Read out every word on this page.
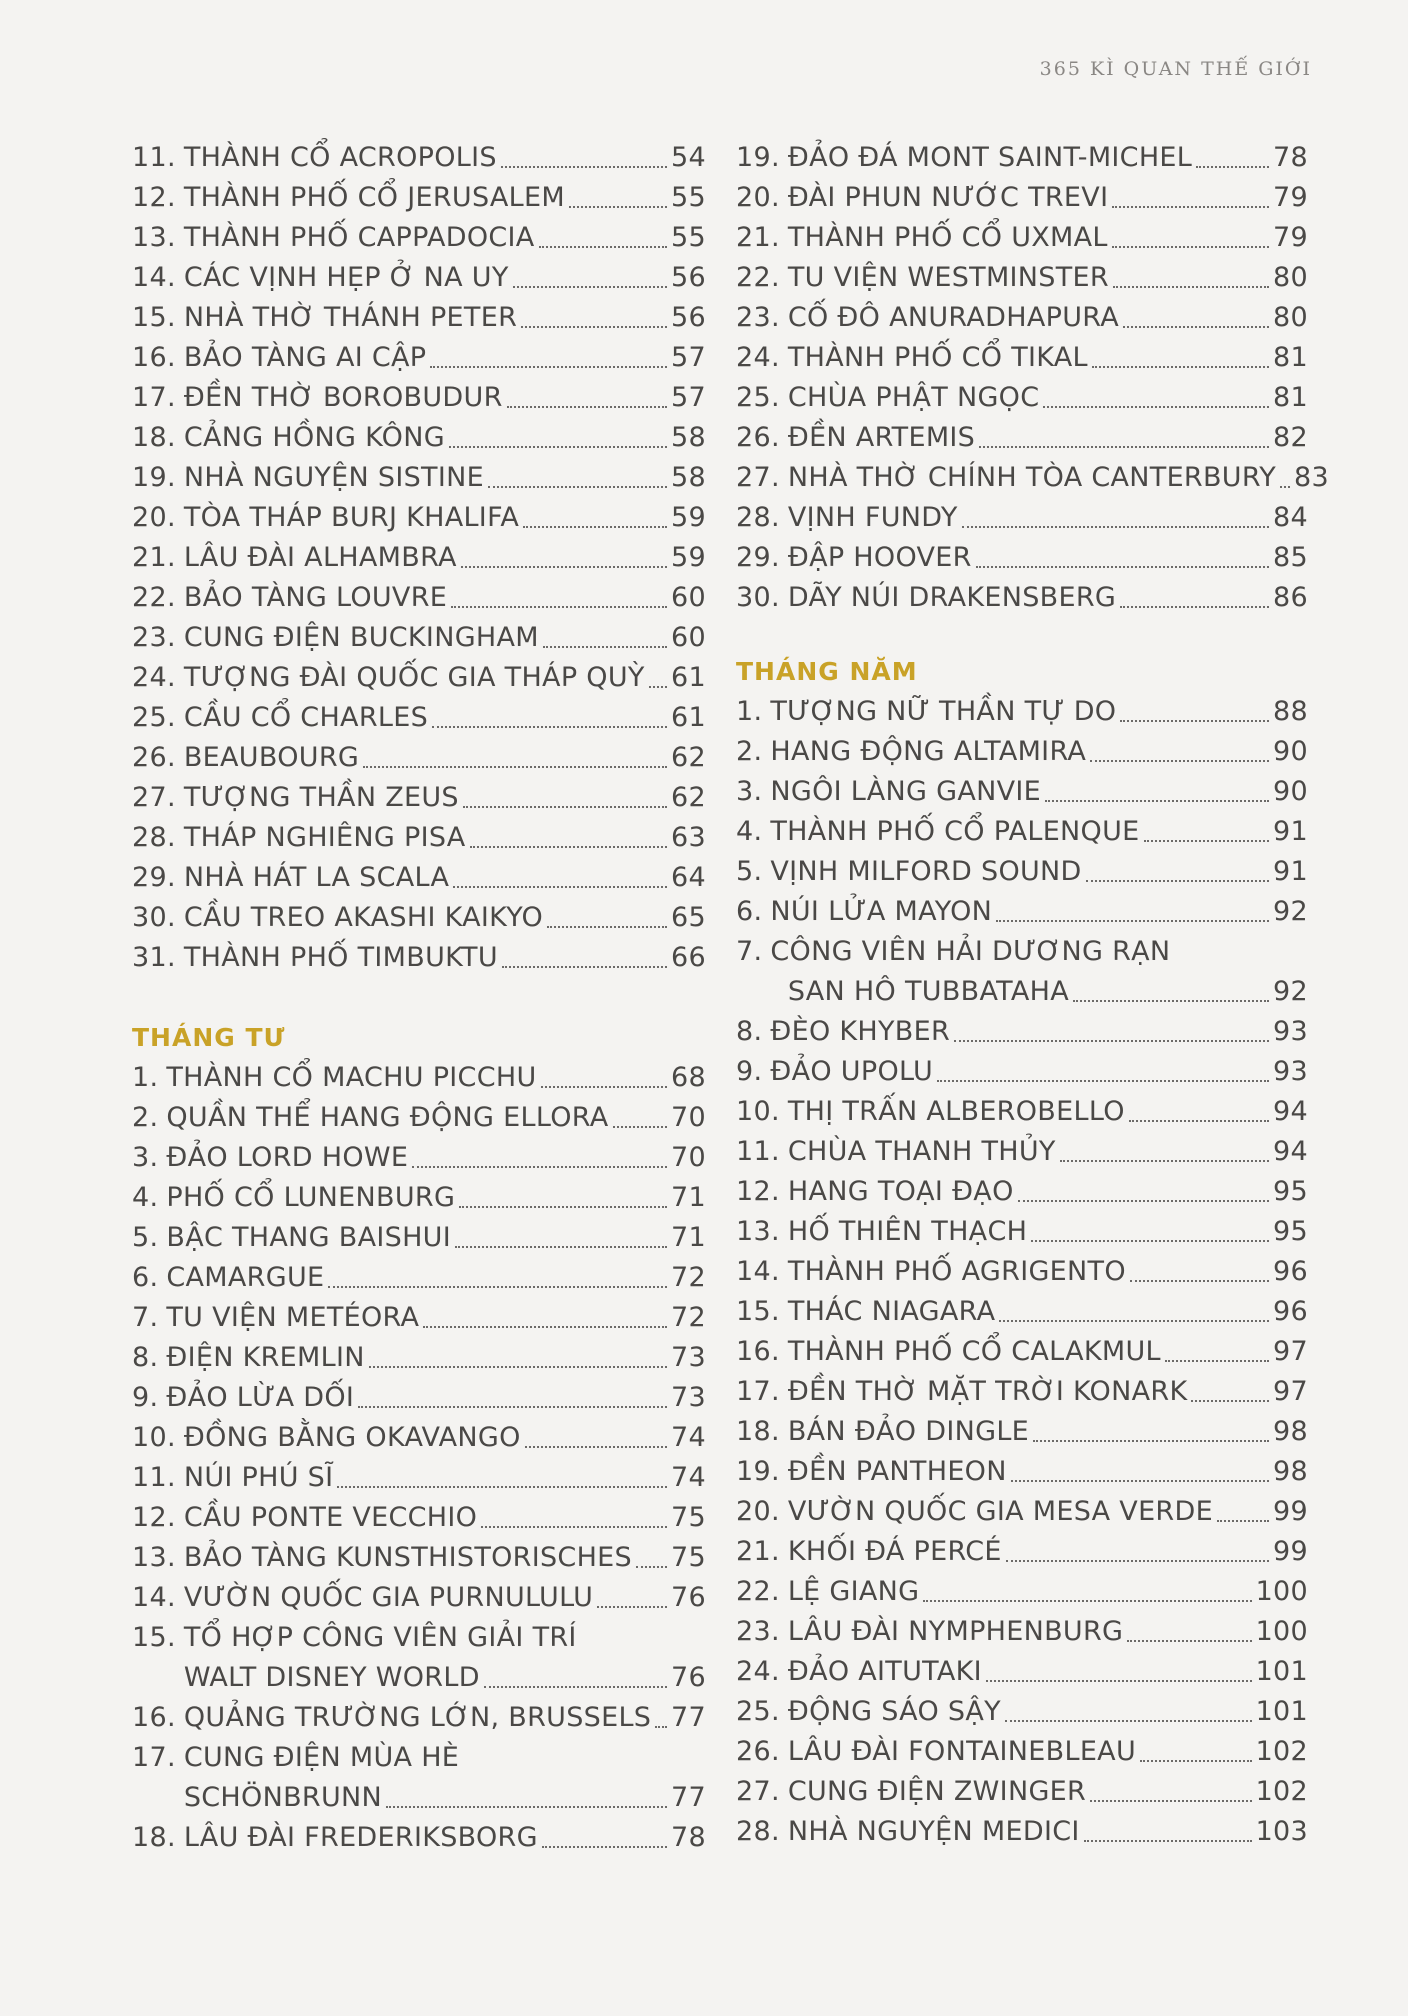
365 KÌ QUAN THẾ GIỚI
11. THÀNH CỔ ACROPOLIS	54
12. THÀNH PHỐ CỔ JERUSALEM	55
13. THÀNH PHỐ CAPPADOCIA	55
14. CÁC VỊNH HẸP Ở NA UY	56
15. NHÀ THỜ THÁNH PETER	56
16. BẢO TÀNG AI CẬP	57
17. ĐỀN THỜ BOROBUDUR	57
18. CẢNG HỒNG KÔNG	58
19. NHÀ NGUYỆN SISTINE	58
20. TÒA THÁP BURJ KHALIFA	59
21. LÂU ĐÀI ALHAMBRA	59
22. BẢO TÀNG LOUVRE	60
23. CUNG ĐIỆN BUCKINGHAM	60
24. TƯỢNG ĐÀI QUỐC GIA THÁP QUỲ 61
25. CẦU CỔ CHARLES	61
26. BEAUBOURG	62
27. TƯỢNG THẦN ZEUS	62
28. THÁP NGHIÊNG PISA	63
29. NHÀ HÁT LA SCALA	64
30. CẦU TREO AKASHI KAIKYO	65
31. THÀNH PHỐ TIMBUKTU	66
THÁNG TƯ
1. THÀNH CỔ MACHU PICCHU	68
2. QUẦN THỂ HANG ĐỘNG ELLORA 70
3. ĐẢO LORD HOWE	70
4. PHỐ CỔ LUNENBURG	71
5. BẬC THANG BAISHUI	71
6. CAMARGUE	72
7. TU VIỆN METÉORA	72
8. ĐIỆN KREMLIN	73
9. ĐẢO LỪA DỐI	73
10. ĐỒNG BẰNG OKAVANGO	74
11. NÚI PHÚ SĨ	74
12. CẦU PONTE VECCHIO	75
13. BẢO TÀNG KUNSTHISTORISCHES 75
14. VƯỜN QUỐC GIA PURNULULU	76
15. TỔ HỢP CÔNG VIÊN GIẢI TRÍ
WALT DISNEY WORLD	76
16. QUẢNG TRƯỜNG LỚN, BRUSSELS 77
17. CUNG ĐIỆN MÙA HÈ
SCHÖNBRUNN	77
18. LÂU ĐÀI FREDERIKSBORG	78
19. ĐẢO ĐÁ MONT SAINT-MICHEL	78
20. ĐÀI PHUN NƯỚC TREVI	79
21. THÀNH PHỐ CỔ UXMAL	79
22. TU VIỆN WESTMINSTER	80
23. CỐ ĐÔ ANURADHAPURA	80
24. THÀNH PHỐ CỔ TIKAL	81
25. CHÙA PHẬT NGỌC	81
26. ĐỀN ARTEMIS	82
27. NHÀ THỜ CHÍNH TÒA CANTERBURY 83
28. VỊNH FUNDY	84
29. ĐẬP HOOVER	85
30. DÃY NÚI DRAKENSBERG	86
THÁNG NĂM
1. TƯỢNG NỮ THẦN TỰ DO	88
2. HANG ĐỘNG ALTAMIRA	90
3. NGÔI LÀNG GANVIE	90
4. THÀNH PHỐ CỔ PALENQUE	91
5. VỊNH MILFORD SOUND	91
6. NÚI LỬA MAYON	92
7. CÔNG VIÊN HẢI DƯƠNG RẠN
SAN HÔ TUBBATAHA	92
8. ĐÈO KHYBER	93
9. ĐẢO UPOLU	93
10. THỊ TRẤN ALBEROBELLO	94
11. CHÙA THANH THỦY	94
12. HANG TOẠI ĐẠO	95
13. HỐ THIÊN THẠCH	95
14. THÀNH PHỐ AGRIGENTO	96
15. THÁC NIAGARA	96
16. THÀNH PHỐ CỔ CALAKMUL	97
17. ĐỀN THỜ MẶT TRỜI KONARK	97
18. BÁN ĐẢO DINGLE	98
19. ĐỀN PANTHEON	98
20. VƯỜN QUỐC GIA MESA VERDE 99
21. KHỐI ĐÁ PERCÉ	99
22. LỆ GIANG	100
23. LÂU ĐÀI NYMPHENBURG	100
24. ĐẢO AITUTAKI	101
25. ĐỘNG SÁO SẬY	101
26. LÂU ĐÀI FONTAINEBLEAU	102
27. CUNG ĐIỆN ZWINGER	102
28. NHÀ NGUYỆN MEDICI	103
